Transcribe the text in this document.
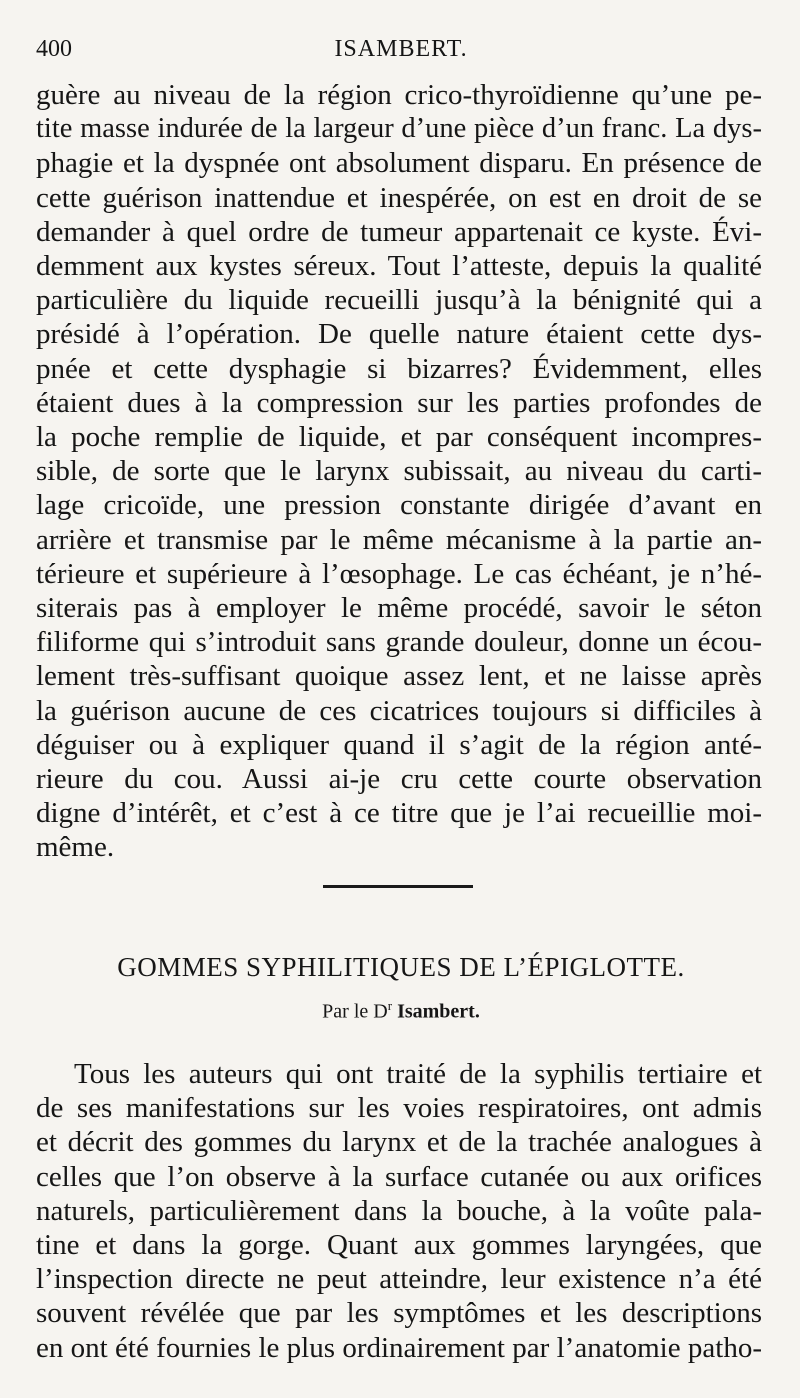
400	ISAMBERT.
guère au niveau de la région crico-thyroïdienne qu’une pe-
tite masse indurée de la largeur d’une pièce d’un franc. La dys-
phagie et la dyspnée ont absolument disparu. En présence de
cette guérison inattendue et inespérée, on est en droit de se
demander à quel ordre de tumeur appartenait ce kyste. Évi-
demment aux kystes séreux. Tout l’atteste, depuis la qualité
particulière du liquide recueilli jusqu’à la bénignité qui a
présidé à l’opération. De quelle nature étaient cette dys-
pnée et cette dysphagie si bizarres? Évidemment, elles
étaient dues à la compression sur les parties profondes de
la poche remplie de liquide, et par conséquent incompres-
sible, de sorte que le larynx subissait, au niveau du carti-
lage cricoïde, une pression constante dirigée d’avant en
arrière et transmise par le même mécanisme à la partie an-
térieure et supérieure à l’œsophage. Le cas échéant, je n’hé-
siterais pas à employer le même procédé, savoir le séton
filiforme qui s’introduit sans grande douleur, donne un écou-
lement très-suffisant quoique assez lent, et ne laisse après
la guérison aucune de ces cicatrices toujours si difficiles à
déguiser ou à expliquer quand il s’agit de la région anté-
rieure du cou. Aussi ai-je cru cette courte observation
digne d’intérêt, et c’est à ce titre que je l’ai recueillie moi-
même.
GOMMES SYPHILITIQUES DE L’ÉPIGLOTTE.
Par le $D^r$ Isambert.
Tous les auteurs qui ont traité de la syphilis tertiaire et
de ses manifestations sur les voies respiratoires, ont admis
et décrit des gommes du larynx et de la trachée analogues à
celles que l’on observe à la surface cutanée ou aux orifices
naturels, particulièrement dans la bouche, à la voûte pala-
tine et dans la gorge. Quant aux gommes laryngées, que
l’inspection directe ne peut atteindre, leur existence n’a été
souvent révélée que par les symptômes et les descriptions
en ont été fournies le plus ordinairement par l’anatomie patho-
